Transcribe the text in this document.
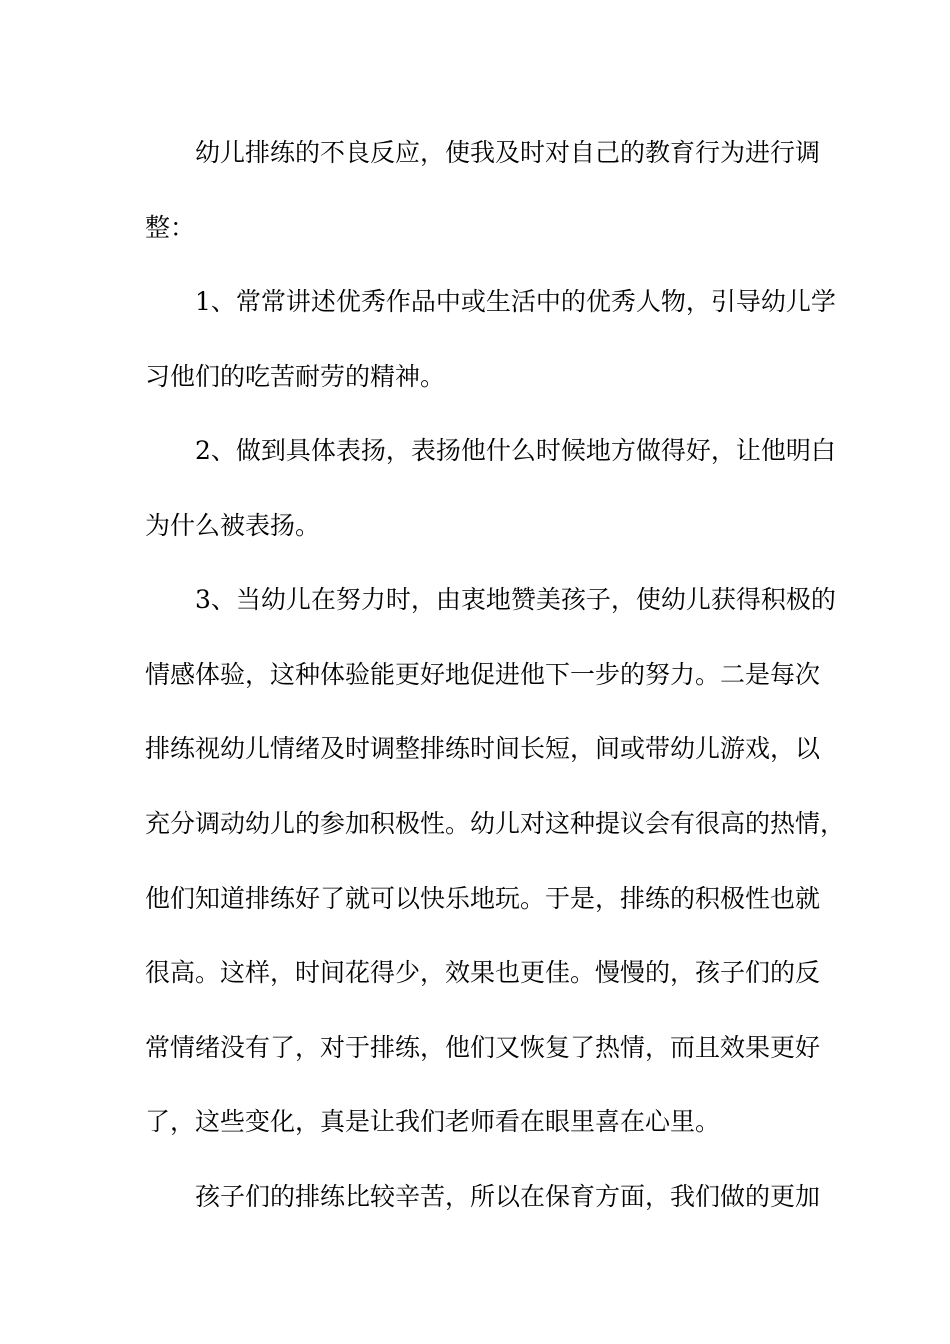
幼儿排练的不良反应，使我及时对自己的教育行为进行调
整：
1、常常讲述优秀作品中或生活中的优秀人物，引导幼儿学
习他们的吃苦耐劳的精神。
2、做到具体表扬，表扬他什么时候地方做得好，让他明白
为什么被表扬。
3、当幼儿在努力时，由衷地赞美孩子，使幼儿获得积极的
情感体验，这种体验能更好地促进他下一步的努力。二是每次
排练视幼儿情绪及时调整排练时间长短，间或带幼儿游戏，以
充分调动幼儿的参加积极性。幼儿对这种提议会有很高的热情，
他们知道排练好了就可以快乐地玩。于是，排练的积极性也就
很高。这样，时间花得少，效果也更佳。慢慢的，孩子们的反
常情绪没有了，对于排练，他们又恢复了热情，而且效果更好
了，这些变化，真是让我们老师看在眼里喜在心里。
孩子们的排练比较辛苦，所以在保育方面，我们做的更加
